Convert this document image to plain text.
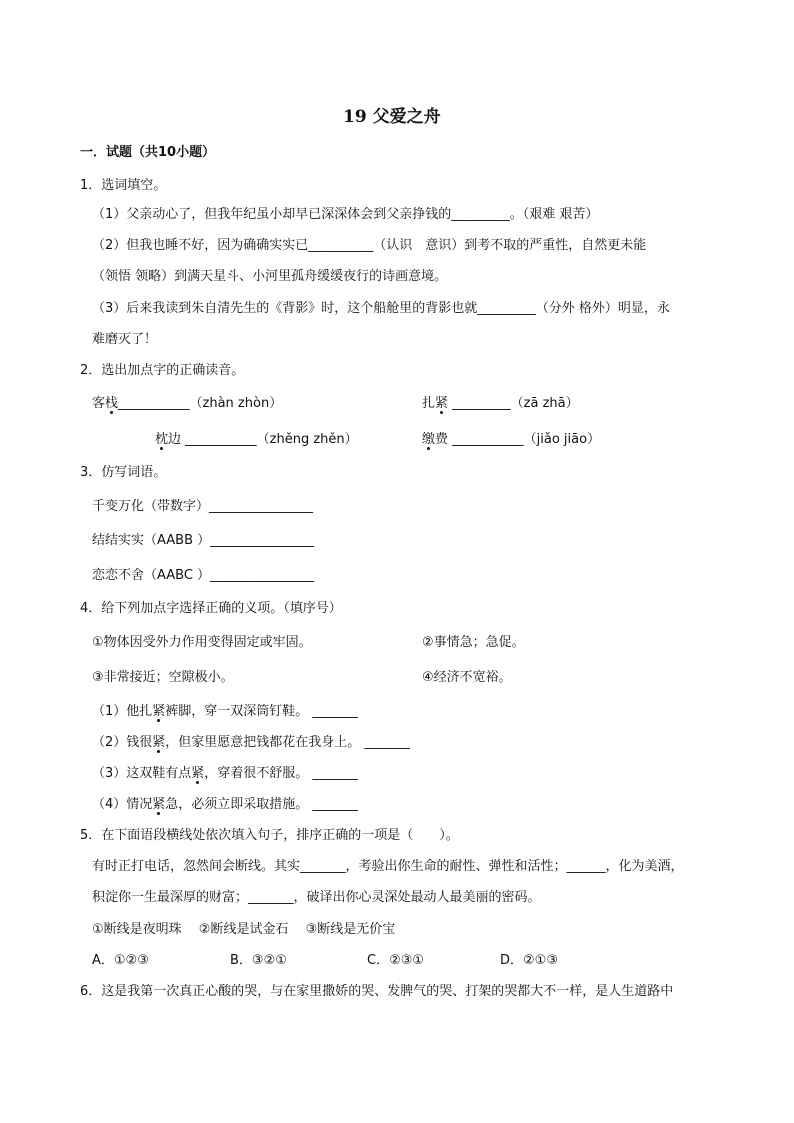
19 父爱之舟
一．试题（共10小题）
1．选词填空。
（1）父亲动心了，但我年纪虽小却早已深深体会到父亲挣钱的_________。（艰难 艰苦）
（2）但我也睡不好，因为确确实实已__________（认识　意识）到考不取的严重性，自然更未能
（领悟 领略）到满天星斗、小河里孤舟缓缓夜行的诗画意境。
（3）后来我读到朱自清先生的《背影》时，这个船舱里的背影也就_________（分外 格外）明显，永
难磨灭了！
2．选出加点字的正确读音。
客栈___________（zhàn zhòn）	扎紧 _________（zā zhā）
枕边 ___________（zhěng zhěn）	缴费 ___________（jiǎo jiāo）
3．仿写词语。
千变万化（带数字）________________
结结实实（AABB ）________________
恋恋不舍（AABC ）________________
4．给下列加点字选择正确的义项。（填序号）
①物体因受外力作用变得固定或牢固。	②事情急；急促。
③非常接近；空隙极小。	④经济不宽裕。
（1）他扎紧裤脚，穿一双深筒钉鞋。 _______
（2）钱很紧，但家里愿意把钱都花在我身上。 _______
（3）这双鞋有点紧，穿着很不舒服。 _______
（4）情况紧急，必须立即采取措施。 _______
5．在下面语段横线处依次填入句子，排序正确的一项是（　　）。
有时正打电话，忽然间会断线。其实_______，考验出你生命的耐性、弹性和活性；______，化为美酒，
积淀你一生最深厚的财富；_______，破译出你心灵深处最动人最美丽的密码。
①断线是夜明珠　 ②断线是试金石　 ③断线是无价宝
A．①②③	B．③②①	C．②③①	D．②①③
6．这是我第一次真正心酸的哭，与在家里撒娇的哭、发脾气的哭、打架的哭都大不一样，是人生道路中
